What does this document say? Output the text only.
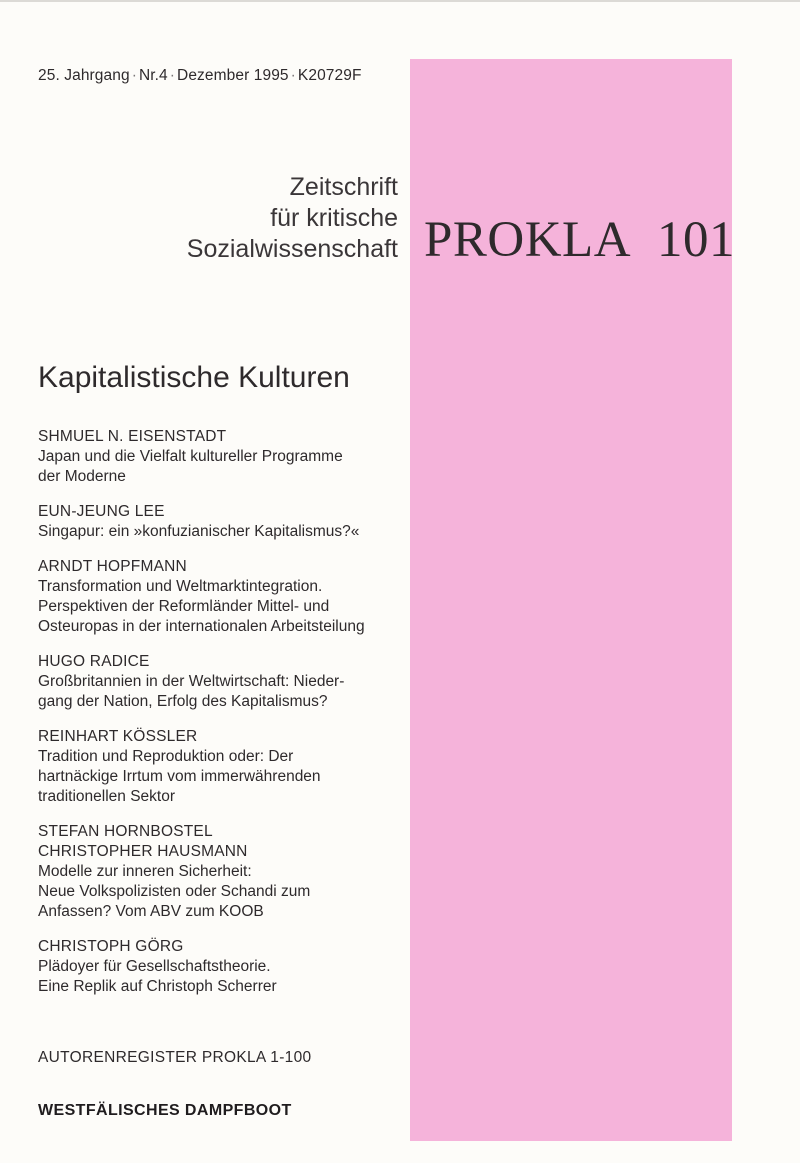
25. Jahrgang · Nr.4 · Dezember 1995 · K20729F
Zeitschrift
für kritische
Sozialwissenschaft PROKLA 101
Kapitalistische Kulturen
SHMUEL N. EISENSTADT
Japan und die Vielfalt kultureller Programme
der Moderne
EUN-JEUNG LEE
Singapur: ein »konfuzianischer Kapitalismus?«
ARNDT HOPFMANN
Transformation und Weltmarktintegration.
Perspektiven der Reformländer Mittel- und
Osteuropas in der internationalen Arbeitsteilung
HUGO RADICE
Großbritannien in der Weltwirtschaft: Nieder-
gang der Nation, Erfolg des Kapitalismus?
REINHART KÖSSLER
Tradition und Reproduktion oder: Der
hartnäckige Irrtum vom immerwährenden
traditionellen Sektor
STEFAN HORNBOSTEL
CHRISTOPHER HAUSMANN
Modelle zur inneren Sicherheit:
Neue Volkspolizisten oder Schandi zum
Anfassen? Vom ABV zum KOOB
CHRISTOPH GÖRG
Plädoyer für Gesellschaftstheorie.
Eine Replik auf Christoph Scherrer
AUTORENREGISTER PROKLA 1-100
WESTFÄLISCHES DAMPFBOOT
